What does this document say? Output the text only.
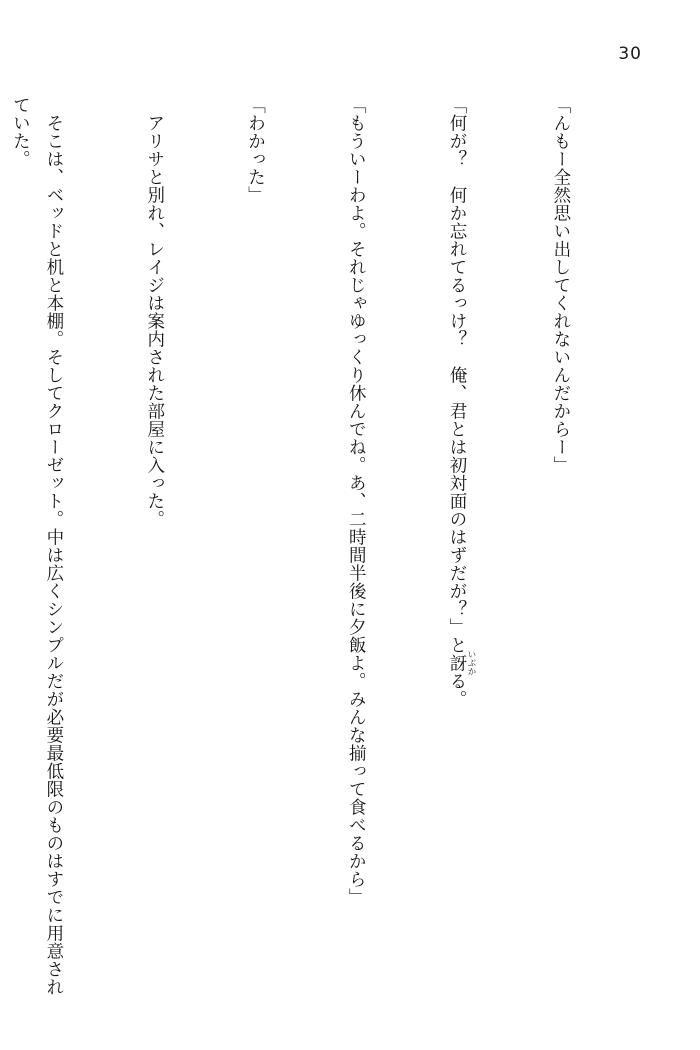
30

「んもー全然思い出してくれないんだからー」

「何が？　何か忘れてるっけ？　俺、君とは初対面のはずだが？」と訝 いぶかる。

「もういーわよ。それじゃゆっくり休んでね。あ、二時間半後に夕飯よ。みんな揃って食べるから」

「わかった」

アリサと別れ、レイジは案内された部屋に入った。

そこは、ベッドと机と本棚。そしてクローゼット。中は広くシンプルだが必要最低限のものはすでに用意されていた。
